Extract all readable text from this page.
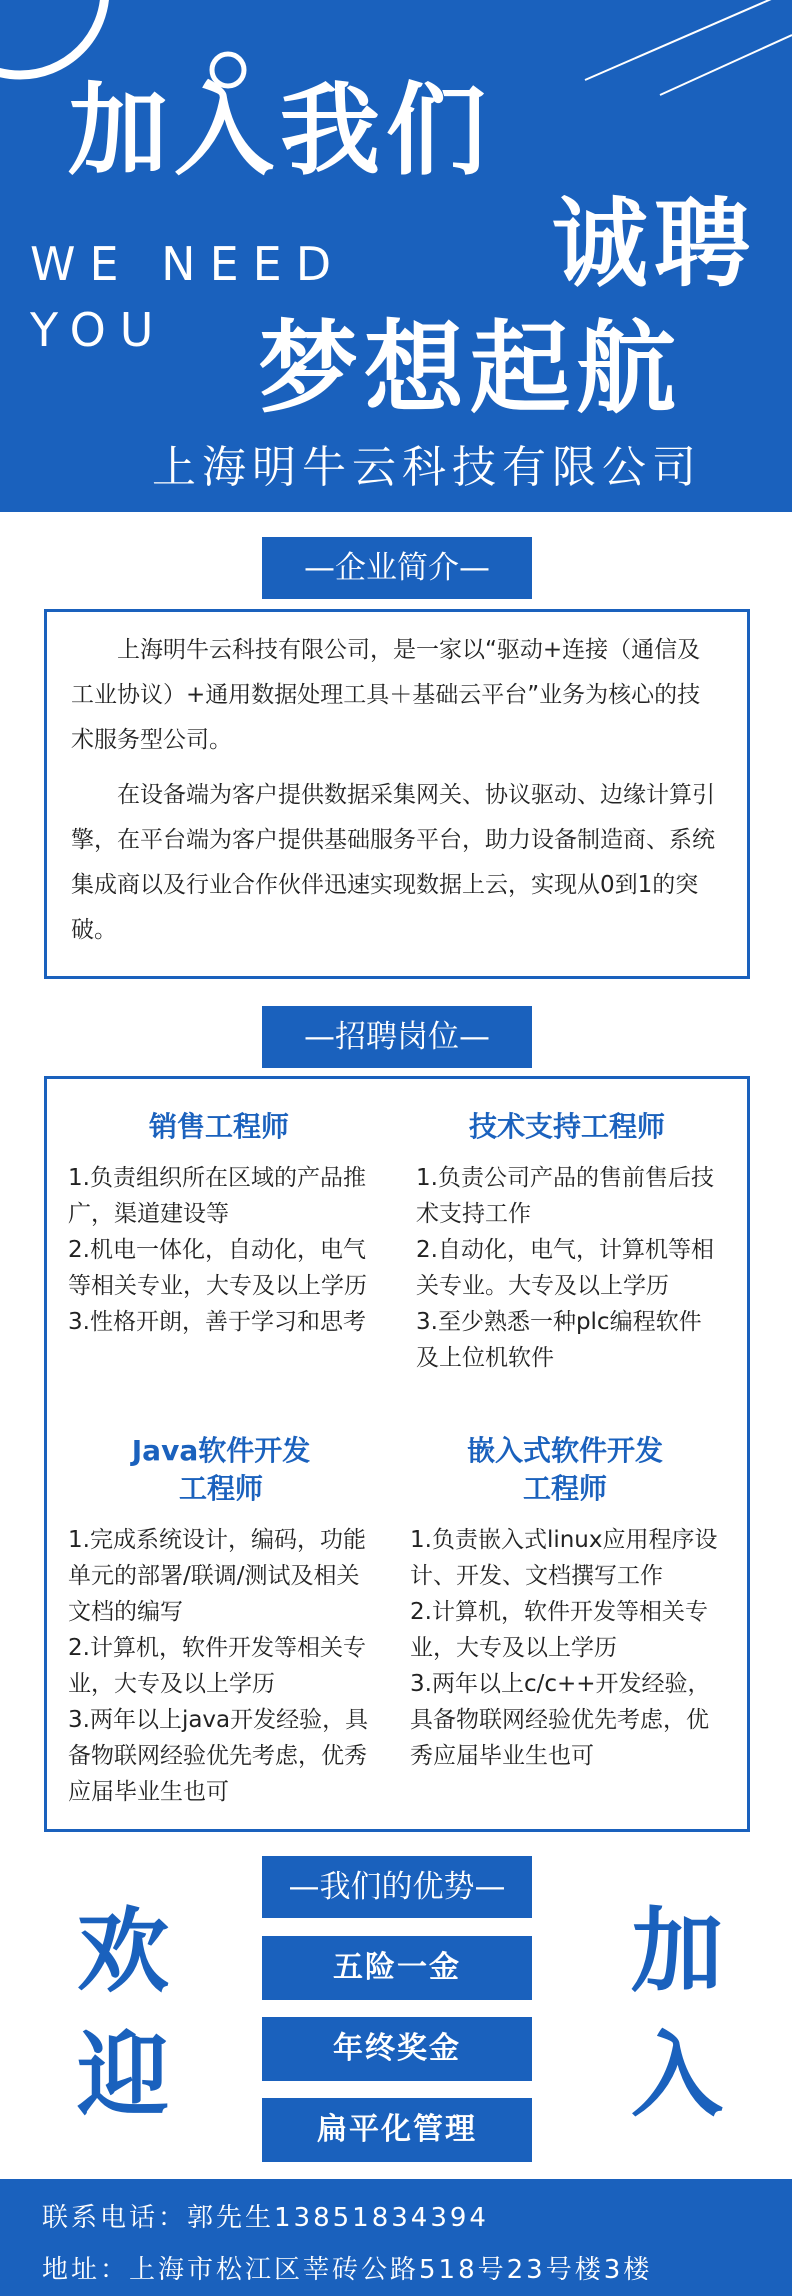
加入我们
WE NEED
YOU
诚聘
梦想起航
上海明牛云科技有限公司
—企业简介—

上海明牛云科技有限公司，是一家以“驱动+连接（通信及工业协议）+通用数据处理工具＋基础云平台”业务为核心的技术服务型公司。

在设备端为客户提供数据采集网关、协议驱动、边缘计算引擎，在平台端为客户提供基础服务平台，助力设备制造商、系统集成商以及行业合作伙伴迅速实现数据上云，实现从0到1的突破。

—招聘岗位—
销售工程师
1.负责组织所在区域的产品推广，渠道建设等
2.机电一体化，自动化，电气等相关专业，大专及以上学历
3.性格开朗，善于学习和思考
技术支持工程师
1.负责公司产品的售前售后技术支持工作
2.自动化，电气，计算机等相关专业。大专及以上学历
3.至少熟悉一种plc编程软件及上位机软件
Java软件开发
工程师
1.完成系统设计，编码，功能单元的部署/联调/测试及相关文档的编写
2.计算机，软件开发等相关专业，大专及以上学历
3.两年以上java开发经验，具备物联网经验优先考虑，优秀应届毕业生也可
嵌入式软件开发
工程师
1.负责嵌入式linux应用程序设计、开发、文档撰写工作
2.计算机，软件开发等相关专业，大专及以上学历
3.两年以上c/c++开发经验，具备物联网经验优先考虑，优秀应届毕业生也可
—我们的优势—
五险一金
年终奖金
扁平化管理
欢
迎
加
入
联系电话：郭先生13851834394
地址：上海市松江区莘砖公路518号23号楼3楼
